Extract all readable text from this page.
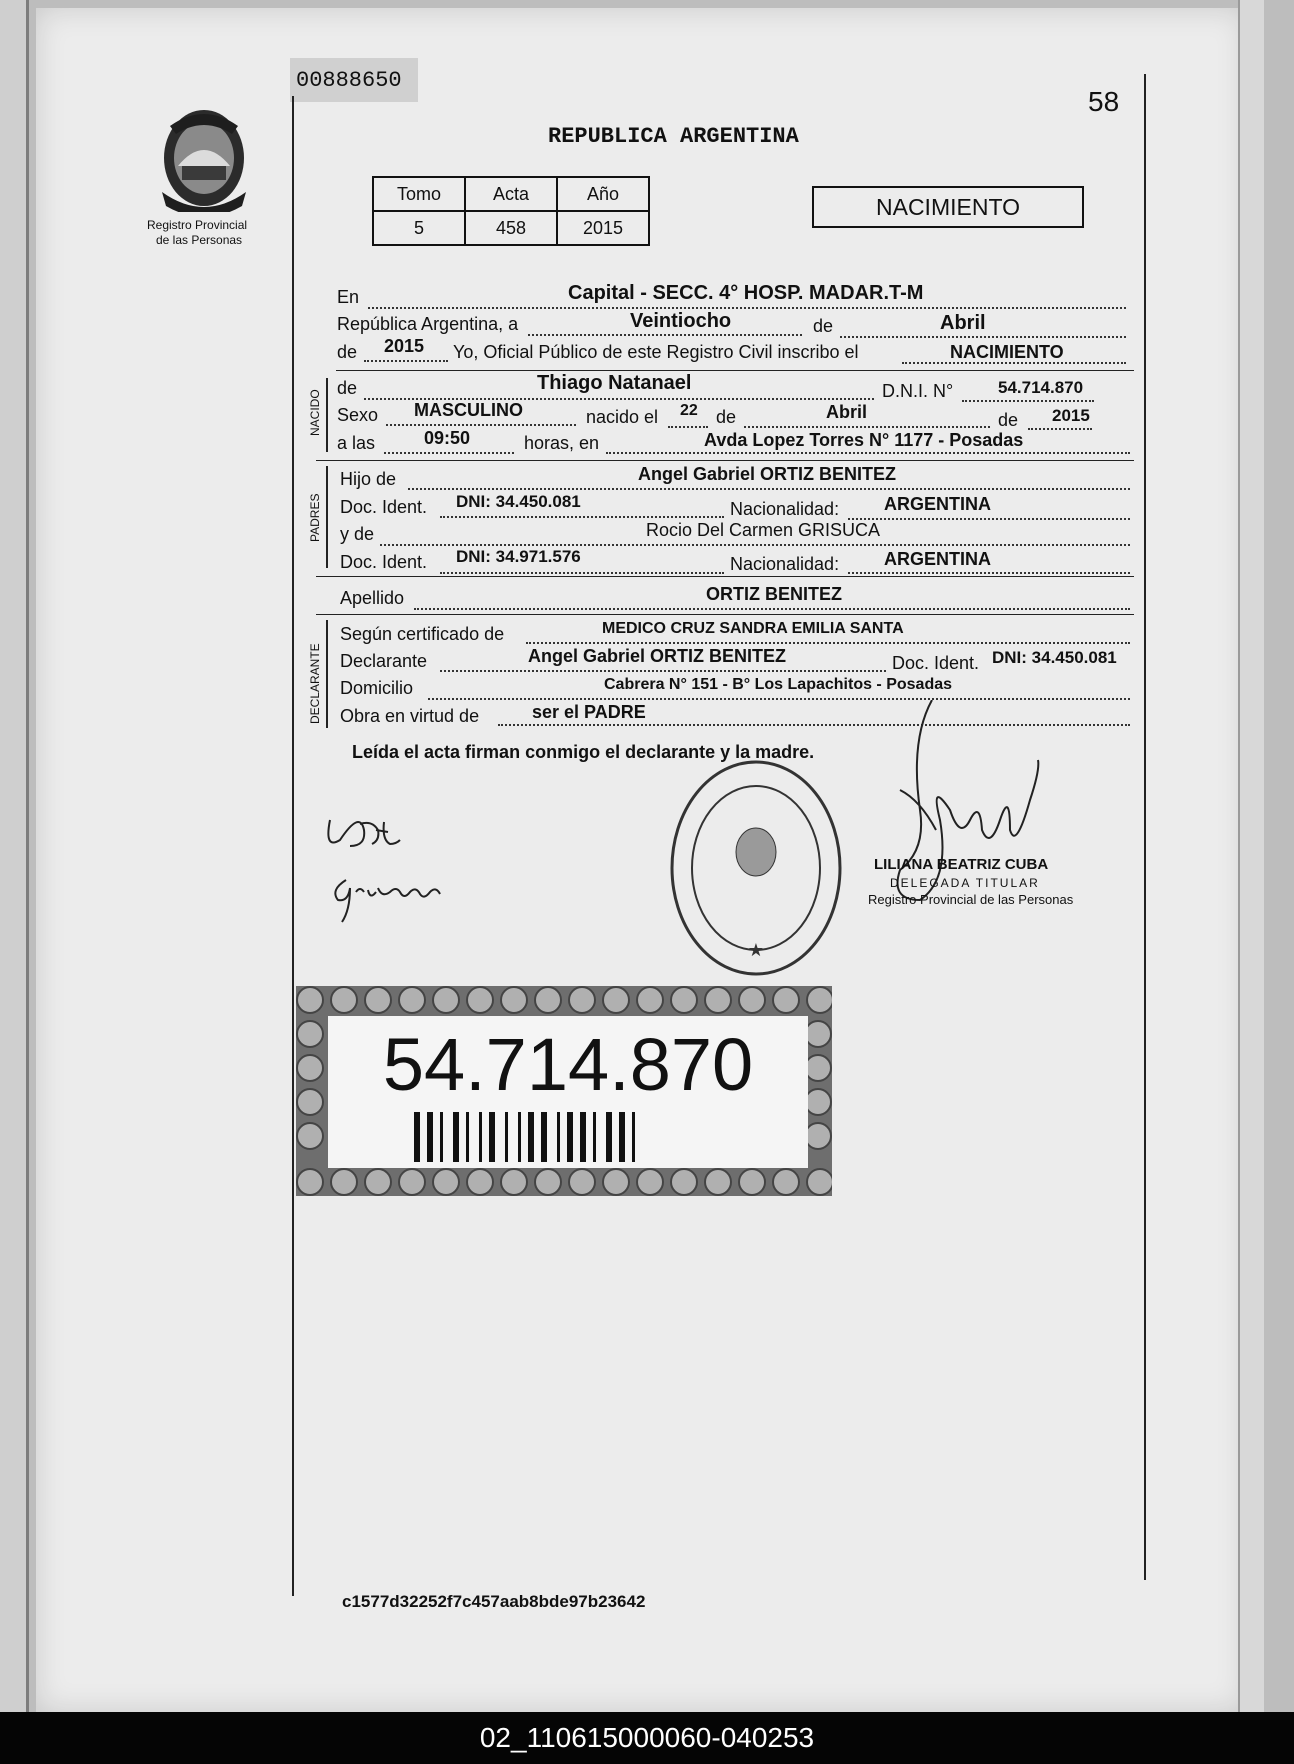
00888650
58
Registro Provincial
de las Personas
REPUBLICA ARGENTINA
Tomo	Acta	Año
5	458	2015
NACIMIENTO
NACIDO
PADRES
DECLARANTE
En	Capital - SECC. 4° HOSP. MADAR.T-M
República Argentina, a	Veintiocho	de	Abril
de 2015 Yo, Oficial Público de este Registro Civil inscribo el	NACIMIENTO
de	Thiago Natanael	D.N.I. N°	54.714.870
Sexo MASCULINO	nacido el 22 de	Abril	de 2015
a las	09:50	horas, en	Avda Lopez Torres N° 1177 - Posadas
Hijo de	Angel Gabriel ORTIZ BENITEZ
Doc. Ident. DNI: 34.450.081	Nacionalidad: ARGENTINA
y de	Rocio Del Carmen GRISUCA
Doc. Ident. DNI: 34.971.576	Nacionalidad: ARGENTINA
Apellido	ORTIZ BENITEZ
Según certificado de	MEDICO CRUZ SANDRA EMILIA SANTA
Declarante	Angel Gabriel ORTIZ BENITEZ	Doc. Ident. DNI: 34.450.081
Domicilio	Cabrera N° 151 - B° Los Lapachitos - Posadas
Obra en virtud de	ser el PADRE
Leída el acta firman conmigo el declarante y la madre.
LILIANA BEATRIZ CUBA
DELEGADA TITULAR
Registro Provincial de las Personas
★
54.714.870
c1577d32252f7c457aab8bde97b23642
02_110615000060-040253
